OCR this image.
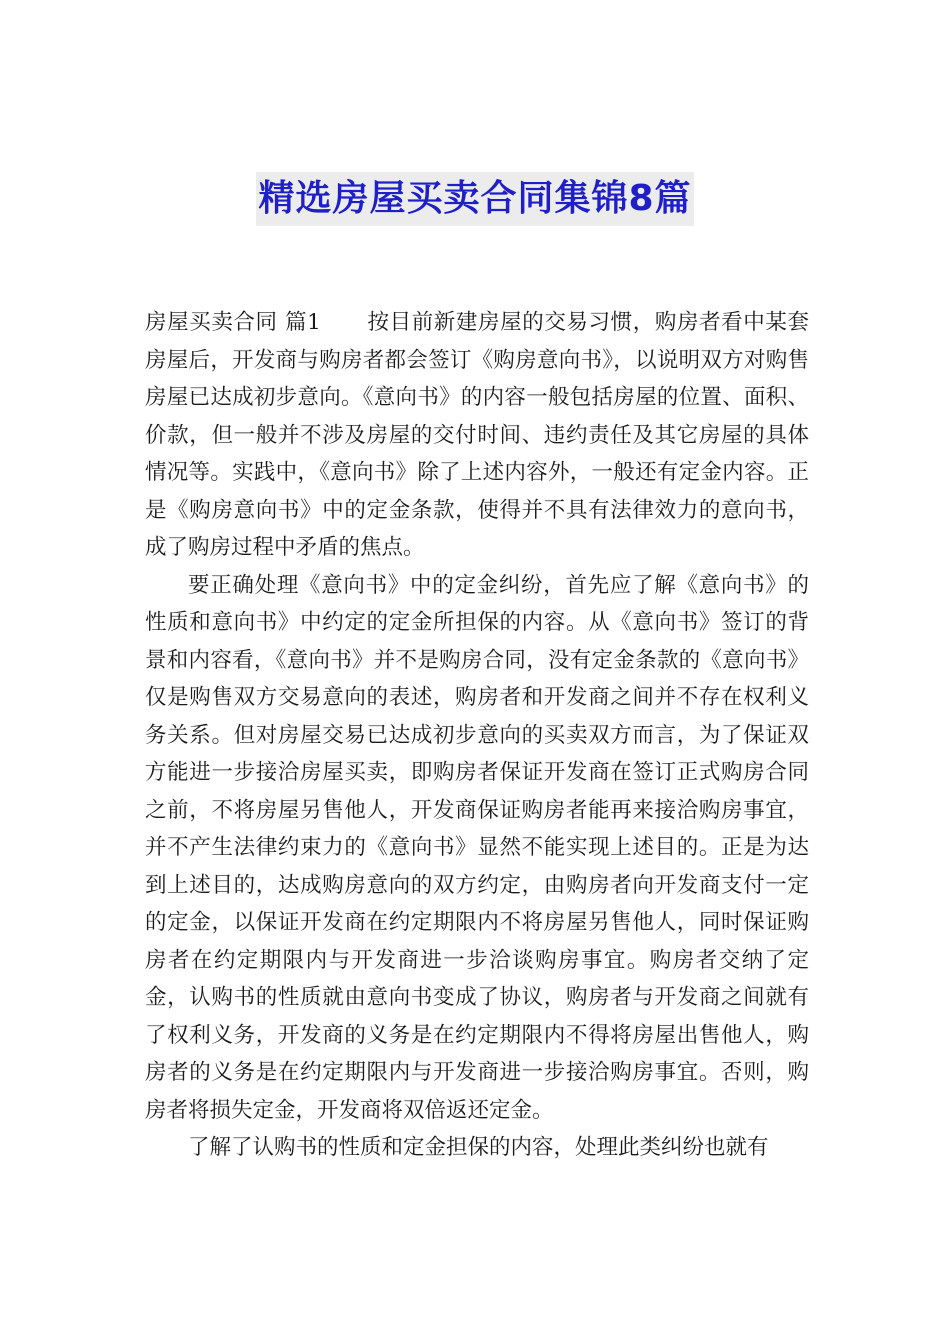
精选房屋买卖合同集锦8篇

房屋买卖合同 篇1 按目前新建房屋的交易习惯，购房者看中某套房屋后，开发商与购房者都会签订《购房意向书》，以说明双方对购售房屋已达成初步意向。《意向书》的内容一般包括房屋的位置、面积、价款，但一般并不涉及房屋的交付时间、违约责任及其它房屋的具体情况等。实践中，《意向书》除了上述内容外，一般还有定金内容。正是《购房意向书》中的定金条款，使得并不具有法律效力的意向书，成了购房过程中矛盾的焦点。

要正确处理《意向书》中的定金纠纷，首先应了解《意向书》的性质和意向书》中约定的定金所担保的内容。从《意向书》签订的背景和内容看，《意向书》并不是购房合同，没有定金条款的《意向书》仅是购售双方交易意向的表述，购房者和开发商之间并不存在权利义务关系。但对房屋交易已达成初步意向的买卖双方而言，为了保证双方能进一步接洽房屋买卖，即购房者保证开发商在签订正式购房合同之前，不将房屋另售他人，开发商保证购房者能再来接洽购房事宜，并不产生法律约束力的《意向书》显然不能实现上述目的。正是为达到上述目的，达成购房意向的双方约定，由购房者向开发商支付一定的定金，以保证开发商在约定期限内不将房屋另售他人，同时保证购房者在约定期限内与开发商进一步洽谈购房事宜。购房者交纳了定金，认购书的性质就由意向书变成了协议，购房者与开发商之间就有了权利义务，开发商的义务是在约定期限内不得将房屋出售他人，购房者的义务是在约定期限内与开发商进一步接洽购房事宜。否则，购房者将损失定金，开发商将双倍返还定金。

了解了认购书的性质和定金担保的内容，处理此类纠纷也就有
